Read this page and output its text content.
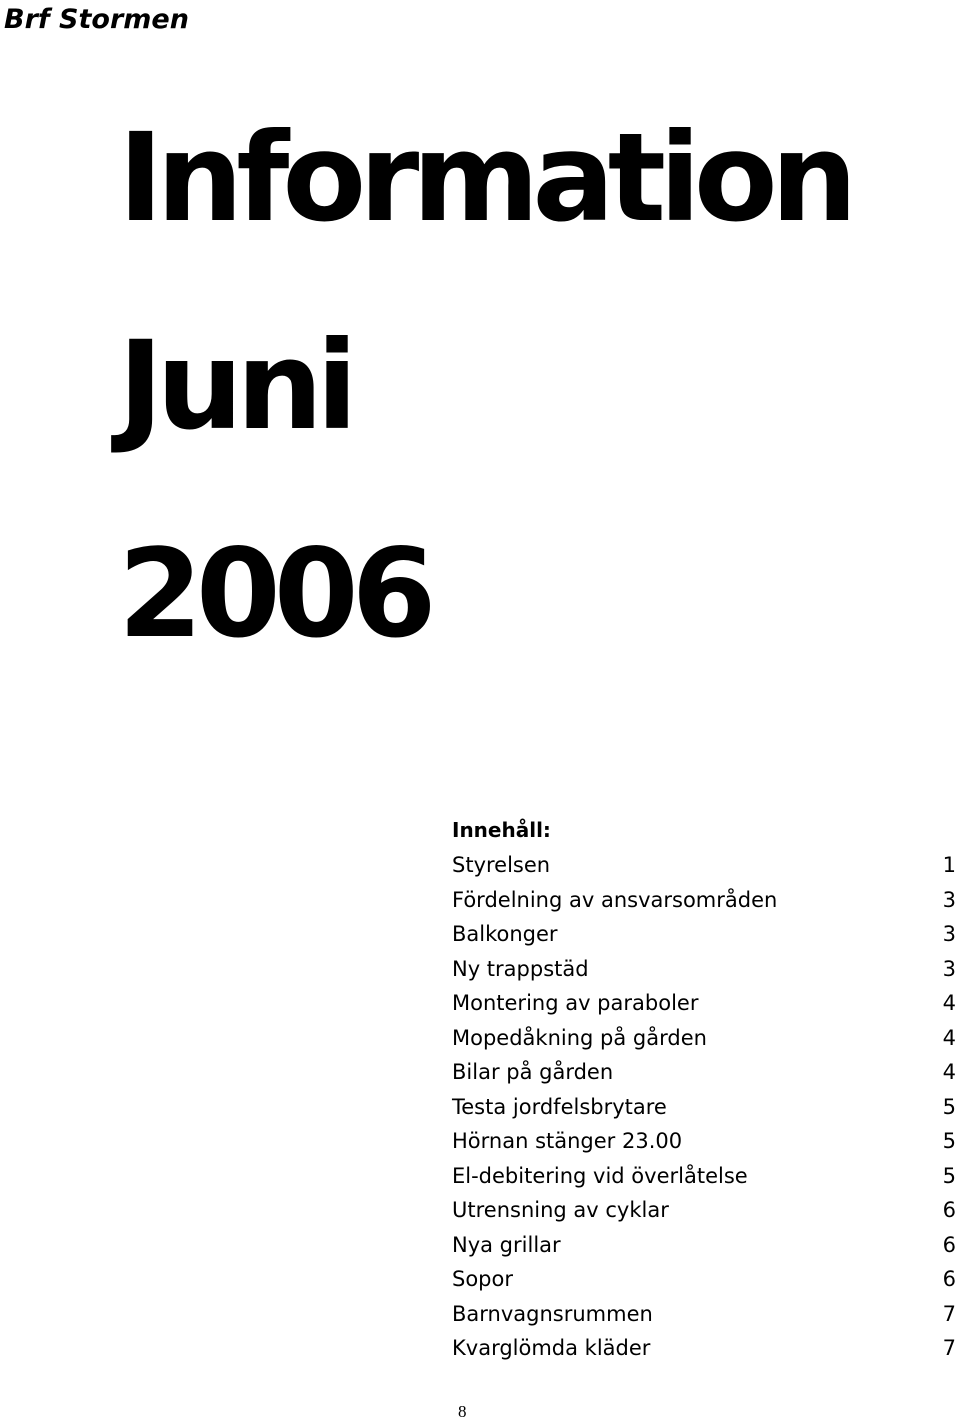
Brf Stormen
Information
Juni
2006
Innehåll:
Styrelsen	1
Fördelning av ansvarsområden	3
Balkonger	3
Ny trappstäd	3
Montering av paraboler	4
Mopedåkning på gården	4
Bilar på gården	4
Testa jordfelsbrytare	5
Hörnan stänger 23.00	5
El-debitering vid överlåtelse	5
Utrensning av cyklar	6
Nya grillar	6
Sopor	6
Barnvagnsrummen	7
Kvarglömda kläder	7
8
